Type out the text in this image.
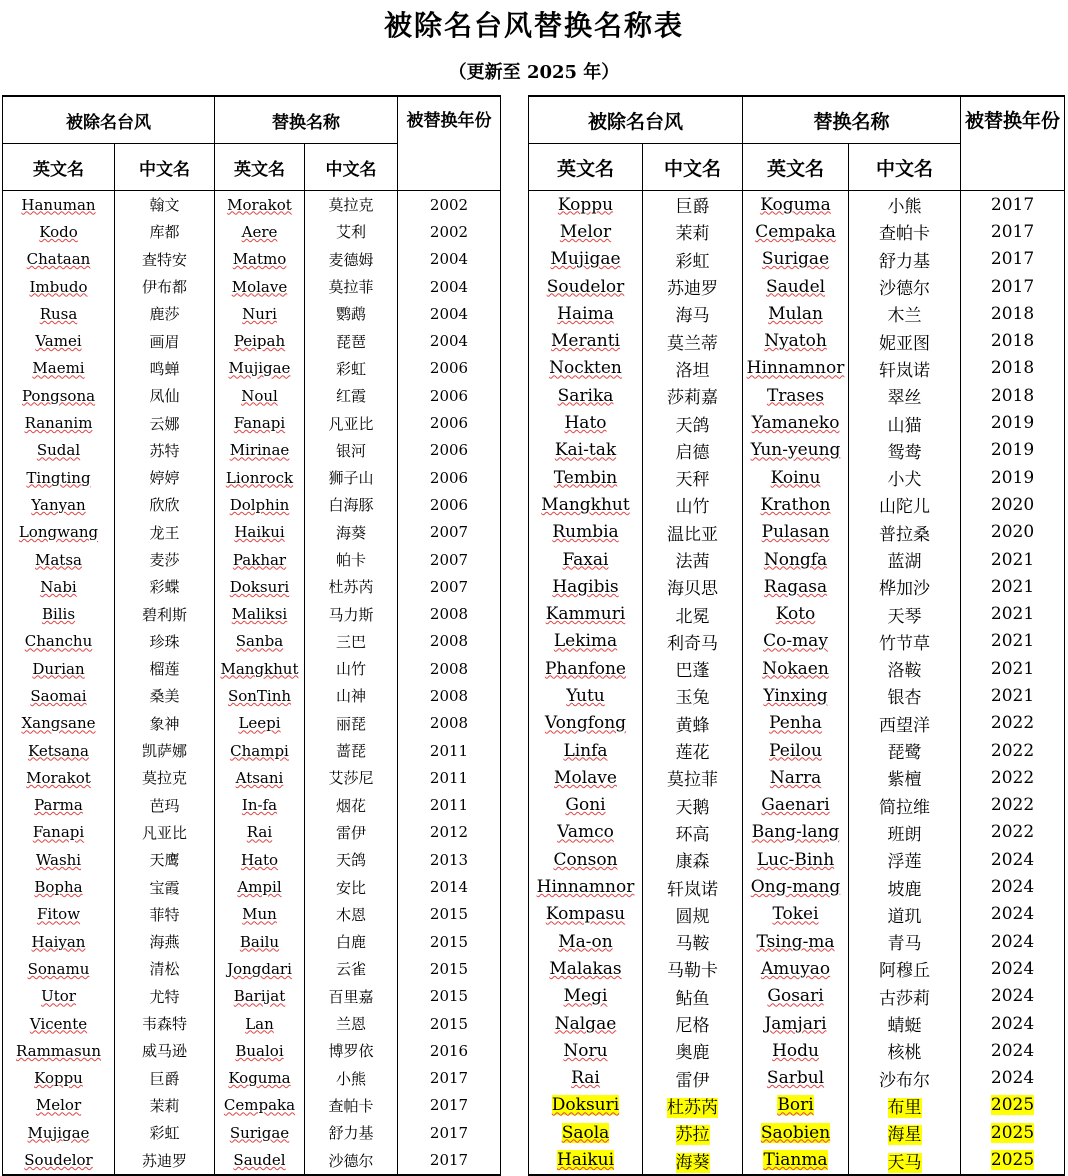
被除名台风替换名称表
（更新至 2025 年）
被除名台风		替换名称		被替换年份
英文名	中文名	英文名	中文名	
Hanuman	翰文	Morakot	莫拉克	2002
Kodo	库都	Aere	艾利	2002
Chataan	查特安	Matmo	麦德姆	2004
Imbudo	伊布都	Molave	莫拉菲	2004
Rusa	鹿莎	Nuri	鹦鹉	2004
Vamei	画眉	Peipah	琵琶	2004
Maemi	鸣蝉	Mujigae	彩虹	2006
Pongsona	凤仙	Noul	红霞	2006
Rananim	云娜	Fanapi	凡亚比	2006
Sudal	苏特	Mirinae	银河	2006
Tingting	婷婷	Lionrock	狮子山	2006
Yanyan	欣欣	Dolphin	白海豚	2006
Longwang	龙王	Haikui	海葵	2007
Matsa	麦莎	Pakhar	帕卡	2007
Nabi	彩蝶	Doksuri	杜苏芮	2007
Bilis	碧利斯	Maliksi	马力斯	2008
Chanchu	珍珠	Sanba	三巴	2008
Durian	榴莲	Mangkhut	山竹	2008
Saomai	桑美	SonTinh	山神	2008
Xangsane	象神	Leepi	丽琵	2008
Ketsana	凯萨娜	Champi	蔷琵	2011
Morakot	莫拉克	Atsani	艾莎尼	2011
Parma	芭玛	In-fa	烟花	2011
Fanapi	凡亚比	Rai	雷伊	2012
Washi	天鹰	Hato	天鸽	2013
Bopha	宝霞	Ampil	安比	2014
Fitow	菲特	Mun	木恩	2015
Haiyan	海燕	Bailu	白鹿	2015
Sonamu	清松	Jongdari	云雀	2015
Utor	尤特	Barijat	百里嘉	2015
Vicente	韦森特	Lan	兰恩	2015
Rammasun	威马逊	Bualoi	博罗依	2016
Koppu	巨爵	Koguma	小熊	2017
Melor	茉莉	Cempaka	查帕卡	2017
Mujigae	彩虹	Surigae	舒力基	2017
Soudelor	苏迪罗	Saudel	沙德尔	2017
被除名台风		替换名称		被替换年份
英文名	中文名	英文名	中文名	
Koppu	巨爵	Koguma	小熊	2017
Melor	茉莉	Cempaka	查帕卡	2017
Mujigae	彩虹	Surigae	舒力基	2017
Soudelor	苏迪罗	Saudel	沙德尔	2017
Haima	海马	Mulan	木兰	2018
Meranti	莫兰蒂	Nyatoh	妮亚图	2018
Nockten	洛坦	Hinnamnor	轩岚诺	2018
Sarika	莎莉嘉	Trases	翠丝	2018
Hato	天鸽	Yamaneko	山猫	2019
Kai-tak	启德	Yun-yeung	鸳鸯	2019
Tembin	天秤	Koinu	小犬	2019
Mangkhut	山竹	Krathon	山陀儿	2020
Rumbia	温比亚	Pulasan	普拉桑	2020
Faxai	法茜	Nongfa	蓝湖	2021
Hagibis	海贝思	Ragasa	桦加沙	2021
Kammuri	北冕	Koto	天琴	2021
Lekima	利奇马	Co-may	竹节草	2021
Phanfone	巴蓬	Nokaen	洛鞍	2021
Yutu	玉兔	Yinxing	银杏	2021
Vongfong	黄蜂	Penha	西望洋	2022
Linfa	莲花	Peilou	琵鹭	2022
Molave	莫拉菲	Narra	紫檀	2022
Goni	天鹅	Gaenari	简拉维	2022
Vamco	环高	Bang-lang	班朗	2022
Conson	康森	Luc-Binh	浮莲	2024
Hinnamnor	轩岚诺	Ong-mang	坡鹿	2024
Kompasu	圆规	Tokei	道玑	2024
Ma-on	马鞍	Tsing-ma	青马	2024
Malakas	马勒卡	Amuyao	阿穆丘	2024
Megi	鲇鱼	Gosari	古莎莉	2024
Nalgae	尼格	Jamjari	蜻蜓	2024
Noru	奥鹿	Hodu	核桃	2024
Rai	雷伊	Sarbul	沙布尔	2024
Doksuri	杜苏芮	Bori	布里	2025
Saola	苏拉	Saobien	海星	2025
Haikui	海葵	Tianma	天马	2025
